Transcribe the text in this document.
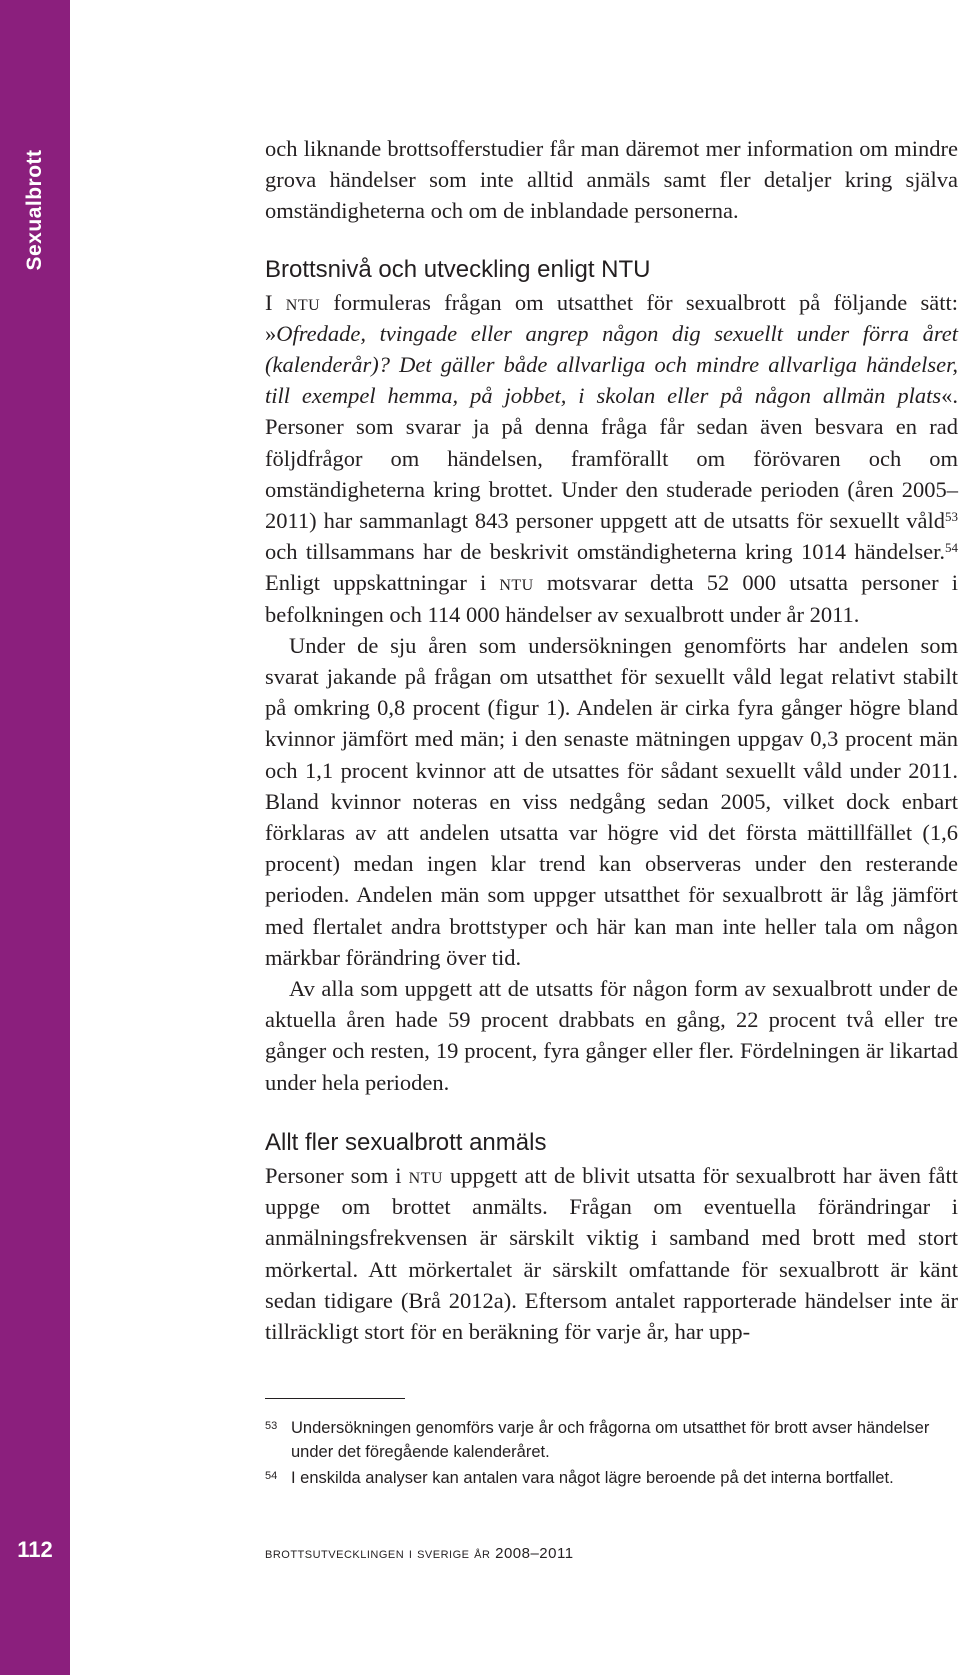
Sexualbrott
112

och liknande brottsofferstudier får man däremot mer information om mindre grova händelser som inte alltid anmäls samt fler detaljer kring själva omständigheterna och om de inblandade personerna.

Brottsnivå och utveckling enligt NTU

I ntu formuleras frågan om utsatthet för sexualbrott på följande sätt: »Ofredade, tvingade eller angrep någon dig sexuellt under förra året (kalenderår)? Det gäller både allvarliga och mindre allvarliga händelser, till exempel hemma, på jobbet, i skolan eller på någon allmän plats«. Personer som svarar ja på denna fråga får sedan även besvara en rad följdfrågor om händelsen, framförallt om förövaren och om omständigheterna kring brottet. Under den studerade perioden (åren 2005–2011) har sammanlagt 843 personer uppgett att de utsatts för sexuellt våld$^{53}$ och tillsammans har de beskrivit omständigheterna kring 1014 händelser.$^{54}$ Enligt uppskattningar i ntu motsvarar detta 52 000 utsatta personer i befolkningen och 114 000 händelser av sexualbrott under år 2011.

Under de sju åren som undersökningen genomförts har andelen som svarat jakande på frågan om utsatthet för sexuellt våld legat relativt stabilt på omkring 0,8 procent (figur 1). Andelen är cirka fyra gånger högre bland kvinnor jämfört med män; i den senaste mätningen uppgav 0,3 procent män och 1,1 procent kvinnor att de utsattes för sådant sexuellt våld under 2011. Bland kvinnor noteras en viss nedgång sedan 2005, vilket dock enbart förklaras av att andelen utsatta var högre vid det första mättillfället (1,6 procent) medan ingen klar trend kan observeras under den resterande perioden. Andelen män som uppger utsatthet för sexualbrott är låg jämfört med flertalet andra brottstyper och här kan man inte heller tala om någon märkbar förändring över tid.

Av alla som uppgett att de utsatts för någon form av sexualbrott under de aktuella åren hade 59 procent drabbats en gång, 22 procent två eller tre gånger och resten, 19 procent, fyra gånger eller fler. Fördelningen är likartad under hela perioden.

Allt fler sexualbrott anmäls

Personer som i ntu uppgett att de blivit utsatta för sexualbrott har även fått uppge om brottet anmälts. Frågan om eventuella förändringar i anmälningsfrekvensen är särskilt viktig i samband med brott med stort mörkertal. Att mörkertalet är särskilt omfattande för sexualbrott är känt sedan tidigare (Brå 2012a). Eftersom antalet rapporterade händelser inte är tillräckligt stort för en beräkning för varje år, har upp-

53 Undersökningen genomförs varje år och frågorna om utsatthet för brott avser händelser under det föregående kalenderåret.
54 I enskilda analyser kan antalen vara något lägre beroende på det interna bortfallet.
brottsutvecklingen i sverige år 2008–2011
